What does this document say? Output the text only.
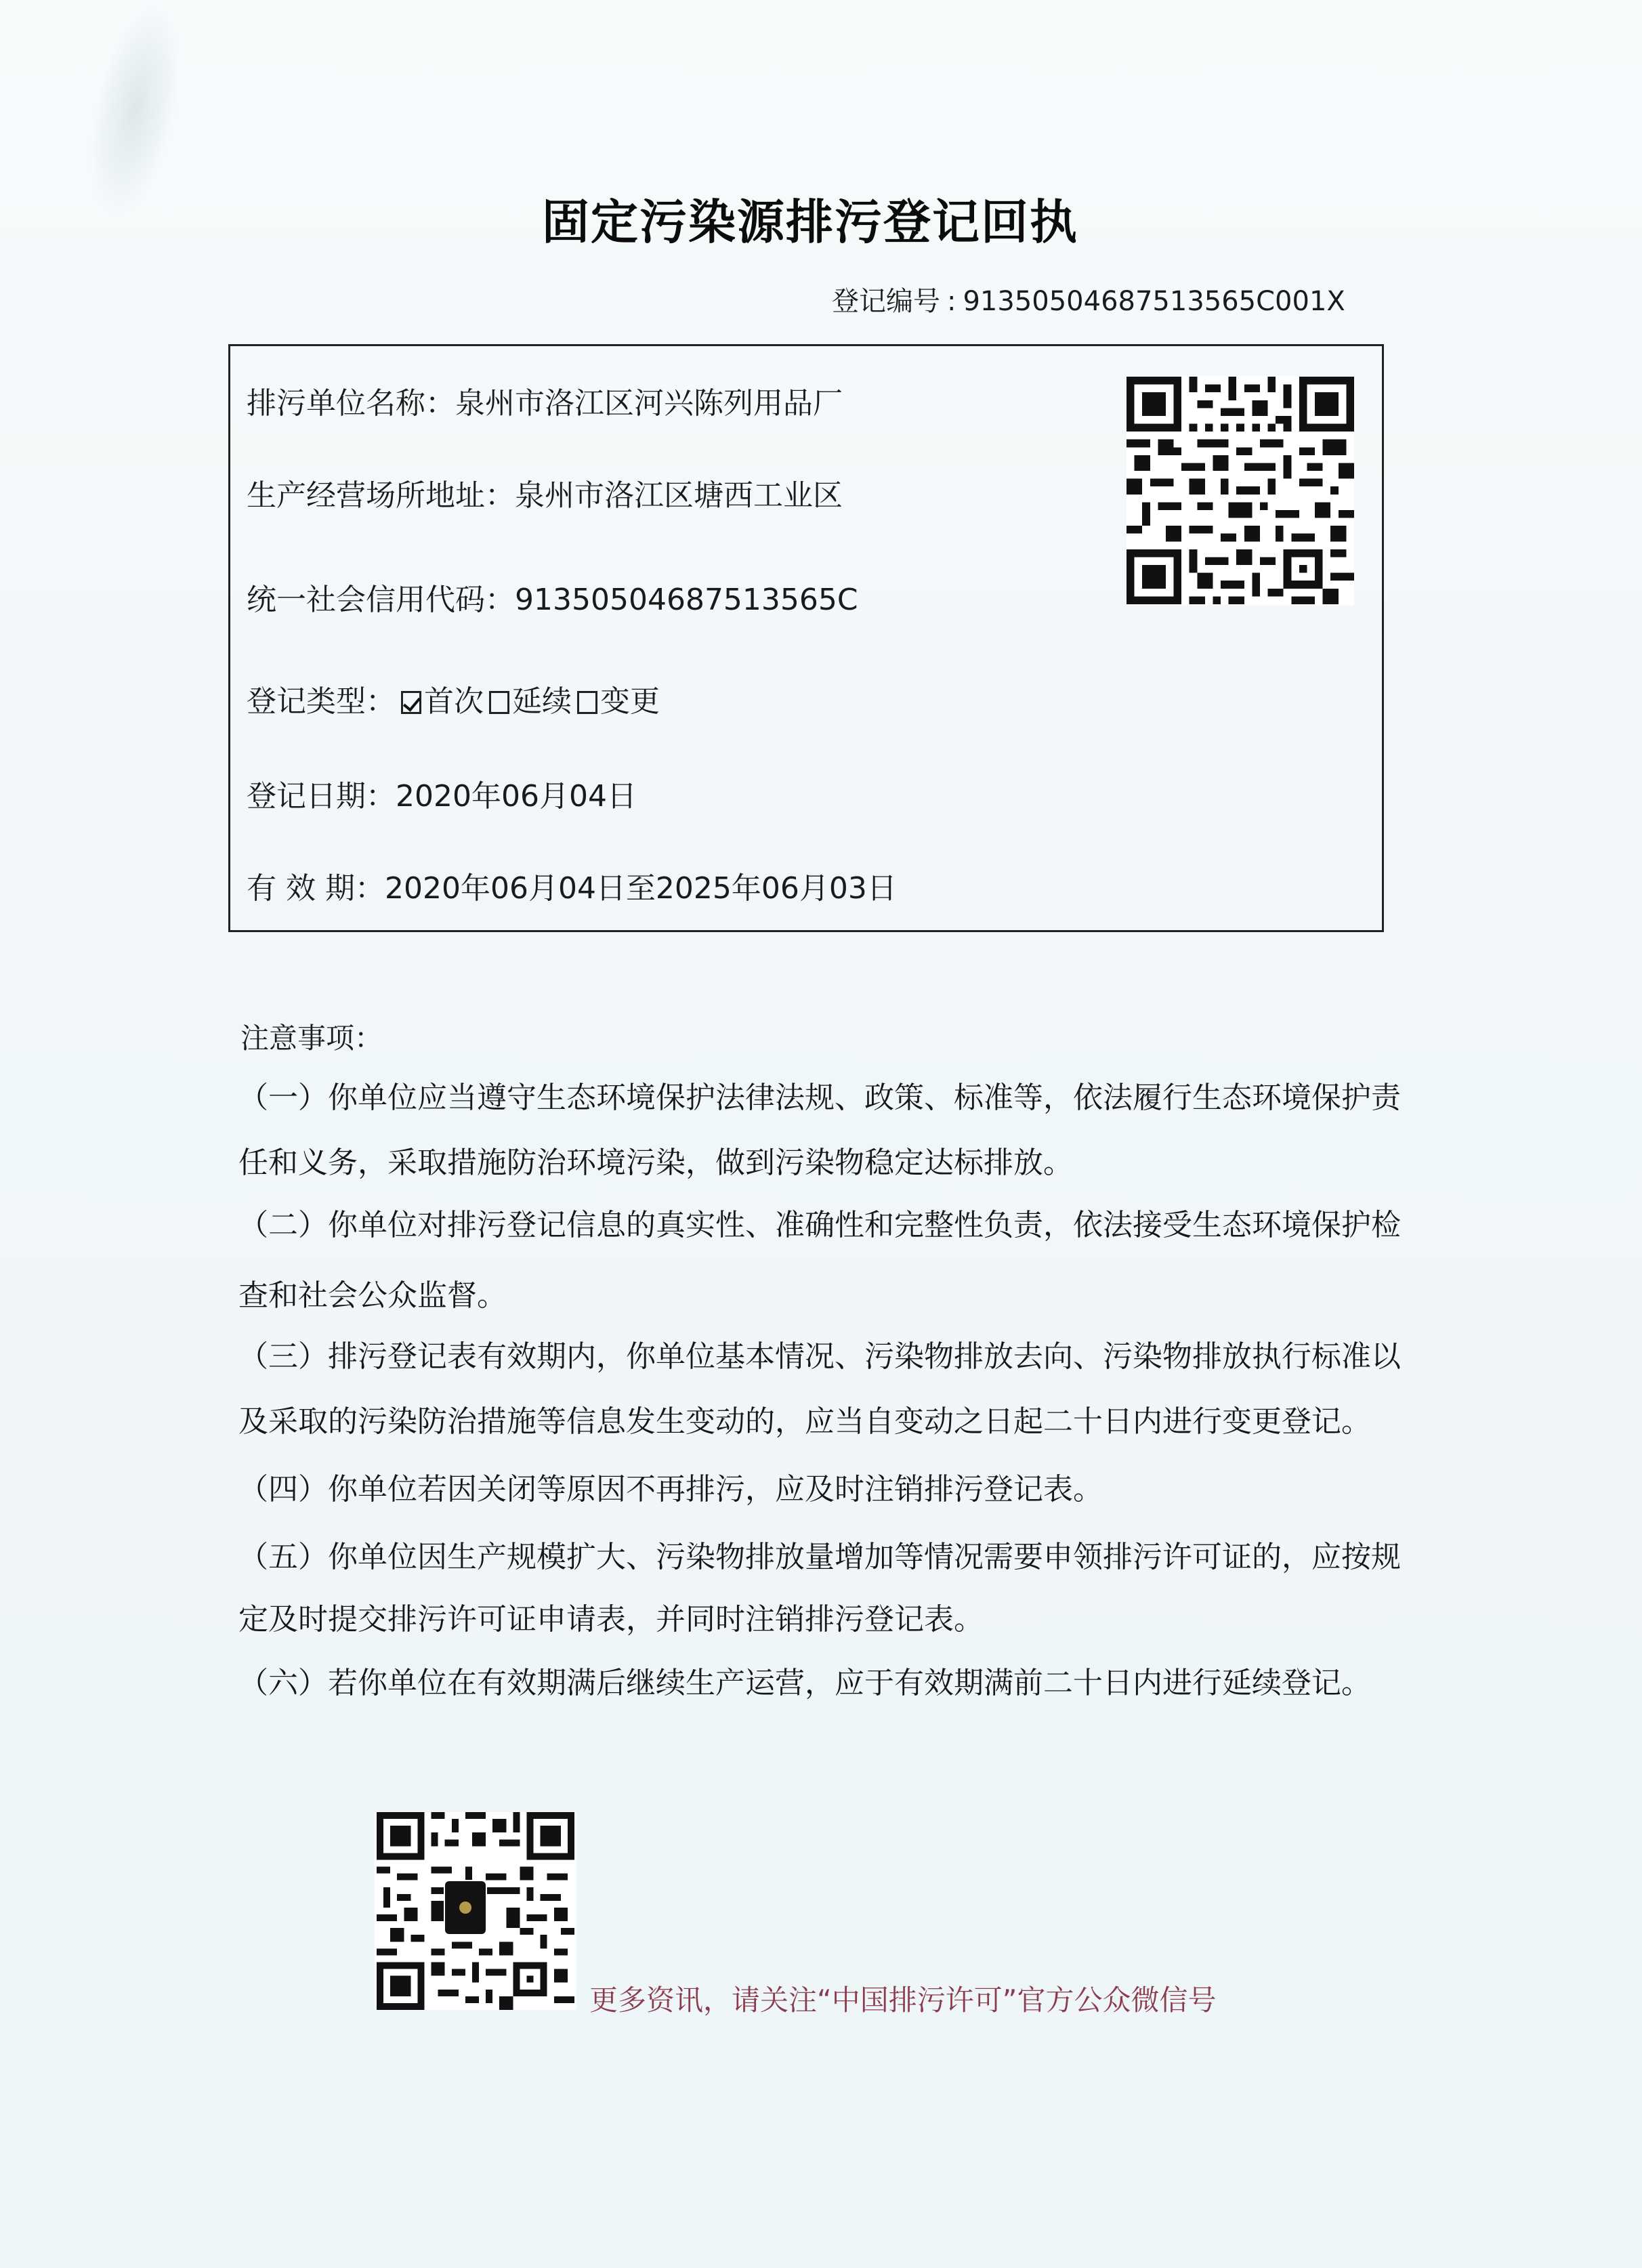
固定污染源排污登记回执
登记编号 : 91350504687513565C001X
排污单位名称：泉州市洛江区河兴陈列用品厂
生产经营场所地址：泉州市洛江区塘西工业区
统一社会信用代码：91350504687513565C
登记类型： 首次 延续 变更
登记日期：2020年06月04日
有 效 期：2020年06月04日至2025年06月03日
注意事项：
（一）你单位应当遵守生态环境保护法律法规、政策、标准等，依法履行生态环境保护责
任和义务，采取措施防治环境污染，做到污染物稳定达标排放。
（二）你单位对排污登记信息的真实性、准确性和完整性负责，依法接受生态环境保护检
查和社会公众监督。
（三）排污登记表有效期内，你单位基本情况、污染物排放去向、污染物排放执行标准以
及采取的污染防治措施等信息发生变动的，应当自变动之日起二十日内进行变更登记。
（四）你单位若因关闭等原因不再排污，应及时注销排污登记表。
（五）你单位因生产规模扩大、污染物排放量增加等情况需要申领排污许可证的，应按规
定及时提交排污许可证申请表，并同时注销排污登记表。
（六）若你单位在有效期满后继续生产运营，应于有效期满前二十日内进行延续登记。
更多资讯，请关注“中国排污许可”官方公众微信号
